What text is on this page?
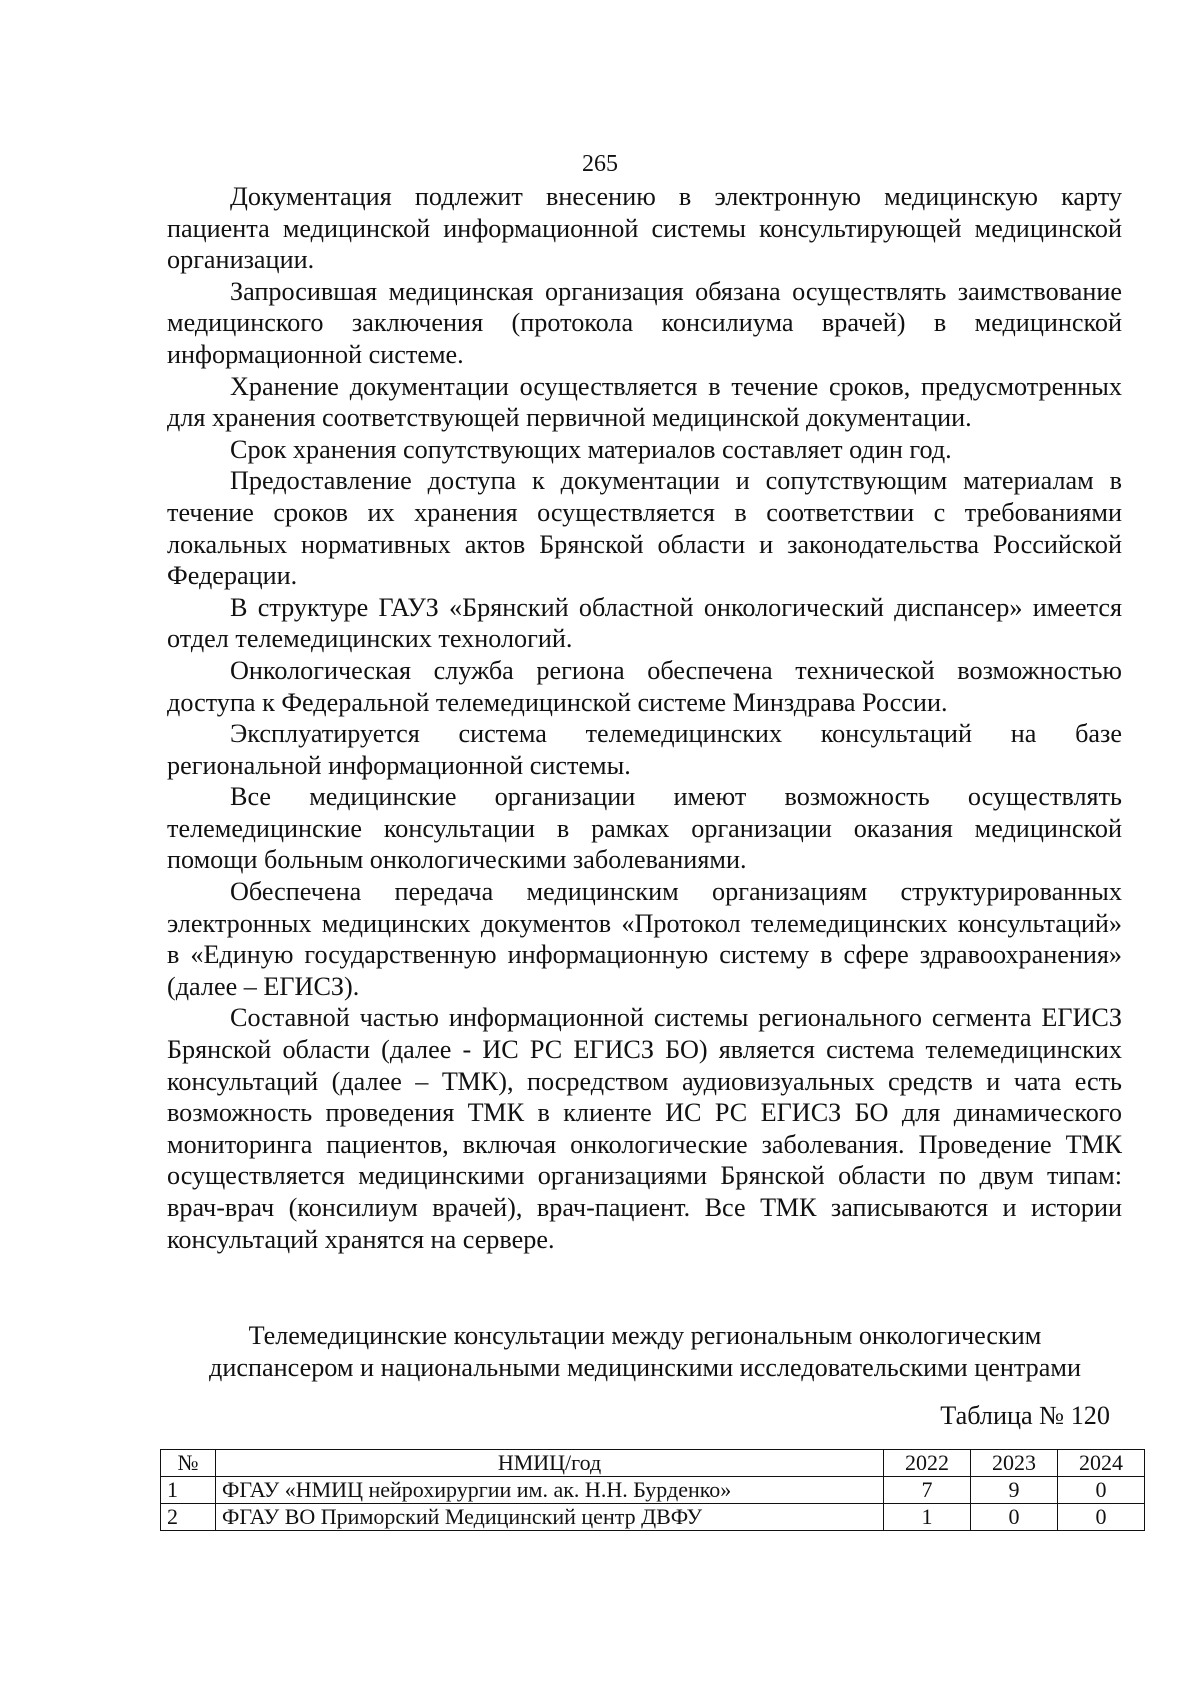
265

Документация подлежит внесению в электронную медицинскую карту пациента медицинской информационной системы консультирующей медицинской организации.

Запросившая медицинская организация обязана осуществлять заимствование медицинского заключения (протокола консилиума врачей) в медицинской информационной системе.

Хранение документации осуществляется в течение сроков, предусмотренных для хранения соответствующей первичной медицинской документации.

Срок хранения сопутствующих материалов составляет один год.

Предоставление доступа к документации и сопутствующим материалам в течение сроков их хранения осуществляется в соответствии с требованиями локальных нормативных актов Брянской области и законодательства Российской Федерации.

В структуре ГАУЗ «Брянский областной онкологический диспансер» имеется отдел телемедицинских технологий.

Онкологическая служба региона обеспечена технической возможностью доступа к Федеральной телемедицинской системе Минздрава России.

Эксплуатируется система телемедицинских консультаций на базе региональной информационной системы.

Все медицинские организации имеют возможность осуществлять телемедицинские консультации в рамках организации оказания медицинской помощи больным онкологическими заболеваниями.

Обеспечена передача медицинским организациям структурированных электронных медицинских документов «Протокол телемедицинских консультаций» в «Единую государственную информационную систему в сфере здравоохранения» (далее – ЕГИСЗ).

Составной частью информационной системы регионального сегмента ЕГИСЗ Брянской области (далее - ИС РС ЕГИСЗ БО) является система телемедицинских консультаций (далее – ТМК), посредством аудиовизуальных средств и чата есть возможность проведения ТМК в клиенте ИС РС ЕГИСЗ БО для динамического мониторинга пациентов, включая онкологические заболевания. Проведение ТМК осуществляется медицинскими организациями Брянской области по двум типам: врач-врач (консилиум врачей), врач-пациент. Все ТМК записываются и истории консультаций хранятся на сервере.

Телемедицинские консультации между региональным онкологическим
диспансером и национальными медицинскими исследовательскими центрами
Таблица № 120
№	НМИЦ/год	2022	2023	2024
1	ФГАУ «НМИЦ нейрохирургии им. ак. Н.Н. Бурденко»	7	9	0
2	ФГАУ ВО Приморский Медицинский центр ДВФУ	1	0	0
